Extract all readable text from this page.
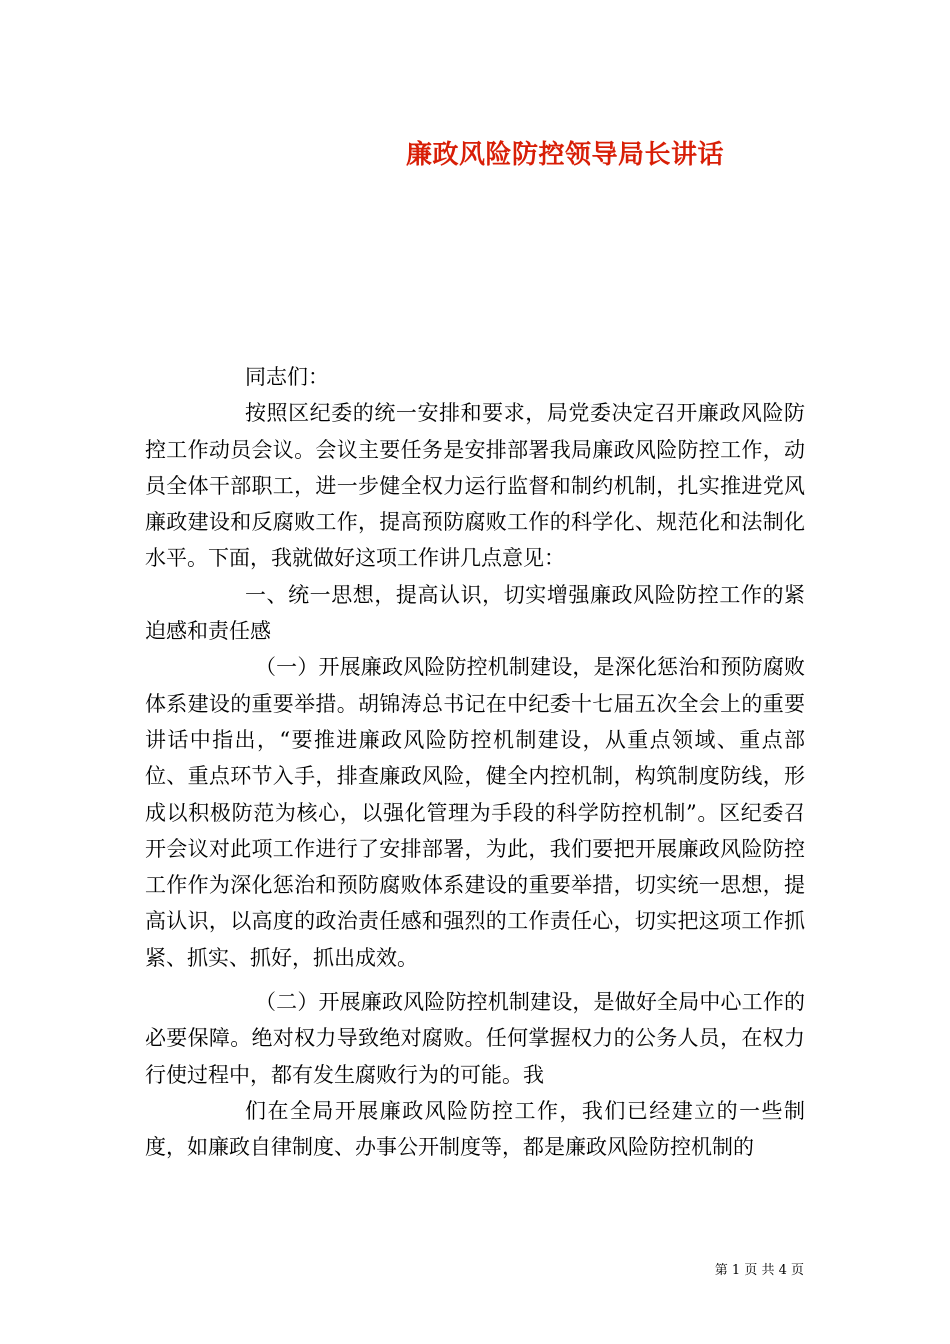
廉政风险防控领导局长讲话

同志们：

按照区纪委的统一安排和要求，局党委决定召开廉政风险防控工作动员会议。会议主要任务是安排部署我局廉政风险防控工作，动员全体干部职工，进一步健全权力运行监督和制约机制，扎实推进党风廉政建设和反腐败工作，提高预防腐败工作的科学化、规范化和法制化水平。下面，我就做好这项工作讲几点意见：

一、统一思想，提高认识，切实增强廉政风险防控工作的紧迫感和责任感

（一）开展廉政风险防控机制建设，是深化惩治和预防腐败体系建设的重要举措。胡锦涛总书记在中纪委十七届五次全会上的重要讲话中指出，“要推进廉政风险防控机制建设，从重点领域、重点部位、重点环节入手，排查廉政风险，健全内控机制，构筑制度防线，形成以积极防范为核心，以强化管理为手段的科学防控机制”。区纪委召开会议对此项工作进行了安排部署，为此，我们要把开展廉政风险防控工作作为深化惩治和预防腐败体系建设的重要举措，切实统一思想，提高认识，以高度的政治责任感和强烈的工作责任心，切实把这项工作抓紧、抓实、抓好，抓出成效。

（二）开展廉政风险防控机制建设，是做好全局中心工作的必要保障。绝对权力导致绝对腐败。任何掌握权力的公务人员，在权力行使过程中，都有发生腐败行为的可能。我

们在全局开展廉政风险防控工作，我们已经建立的一些制度，如廉政自律制度、办事公开制度等，都是廉政风险防控机制的

第 1 页 共 4 页
